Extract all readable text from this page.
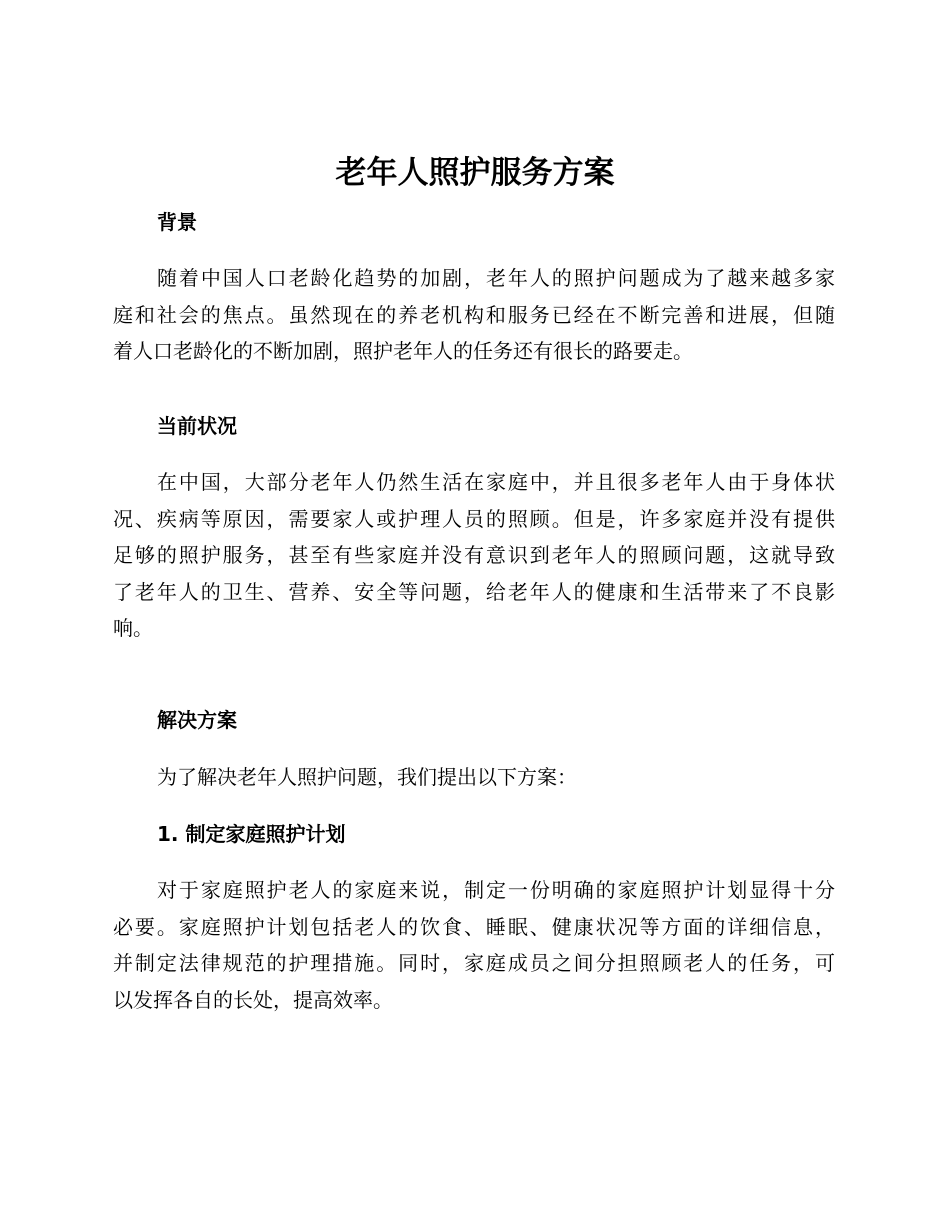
老年人照护服务方案
背景
随着中国人口老龄化趋势的加剧，老年人的照护问题成为了越来越多家
庭和社会的焦点。虽然现在的养老机构和服务已经在不断完善和进展，但随
着人口老龄化的不断加剧，照护老年人的任务还有很长的路要走。
当前状况
在中国，大部分老年人仍然生活在家庭中，并且很多老年人由于身体状
况、疾病等原因，需要家人或护理人员的照顾。但是，许多家庭并没有提供
足够的照护服务，甚至有些家庭并没有意识到老年人的照顾问题，这就导致
了老年人的卫生、营养、安全等问题，给老年人的健康和生活带来了不良影
响。
解决方案
为了解决老年人照护问题，我们提出以下方案：
1. 制定家庭照护计划
对于家庭照护老人的家庭来说，制定一份明确的家庭照护计划显得十分
必要。家庭照护计划包括老人的饮食、睡眠、健康状况等方面的详细信息，
并制定法律规范的护理措施。同时，家庭成员之间分担照顾老人的任务，可
以发挥各自的长处，提高效率。
